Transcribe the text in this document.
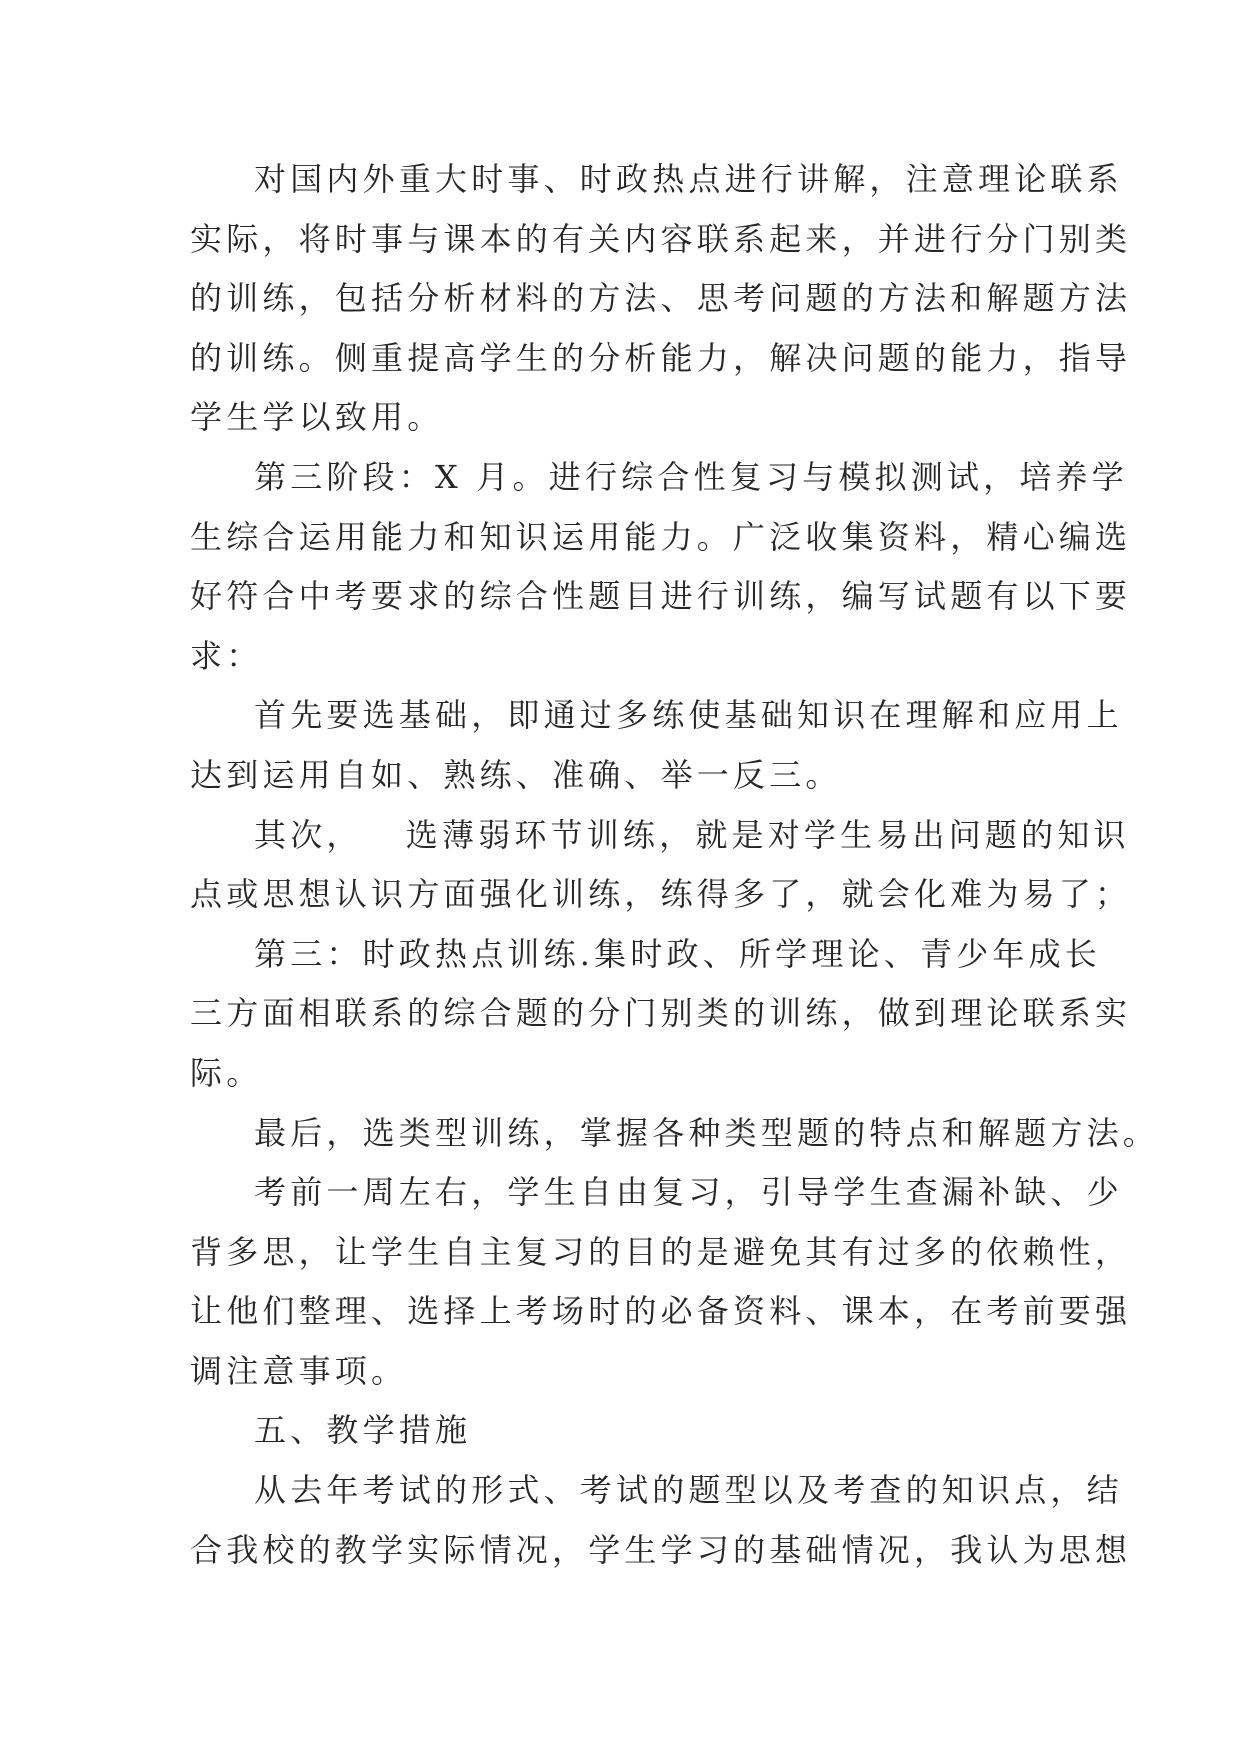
对国内外重大时事、时政热点进行讲解，注意理论联系
实际，将时事与课本的有关内容联系起来，并进行分门别类
的训练，包括分析材料的方法、思考问题的方法和解题方法
的训练。侧重提高学生的分析能力，解决问题的能力，指导
学生学以致用。
第三阶段：X 月。进行综合性复习与模拟测试，培养学
生综合运用能力和知识运用能力。广泛收集资料，精心编选
好符合中考要求的综合性题目进行训练，编写试题有以下要
求：
首先要选基础，即通过多练使基础知识在理解和应用上
达到运用自如、熟练、准确、举一反三。
其次，   选薄弱环节训练，就是对学生易出问题的知识
点或思想认识方面强化训练，练得多了，就会化难为易了；
第三：时政热点训练.集时政、所学理论、青少年成长
三方面相联系的综合题的分门别类的训练，做到理论联系实
际。
最后，选类型训练，掌握各种类型题的特点和解题方法。
考前一周左右，学生自由复习，引导学生查漏补缺、少
背多思，让学生自主复习的目的是避免其有过多的依赖性，
让他们整理、选择上考场时的必备资料、课本，在考前要强
调注意事项。
五、教学措施
从去年考试的形式、考试的题型以及考查的知识点，结
合我校的教学实际情况，学生学习的基础情况，我认为思想
